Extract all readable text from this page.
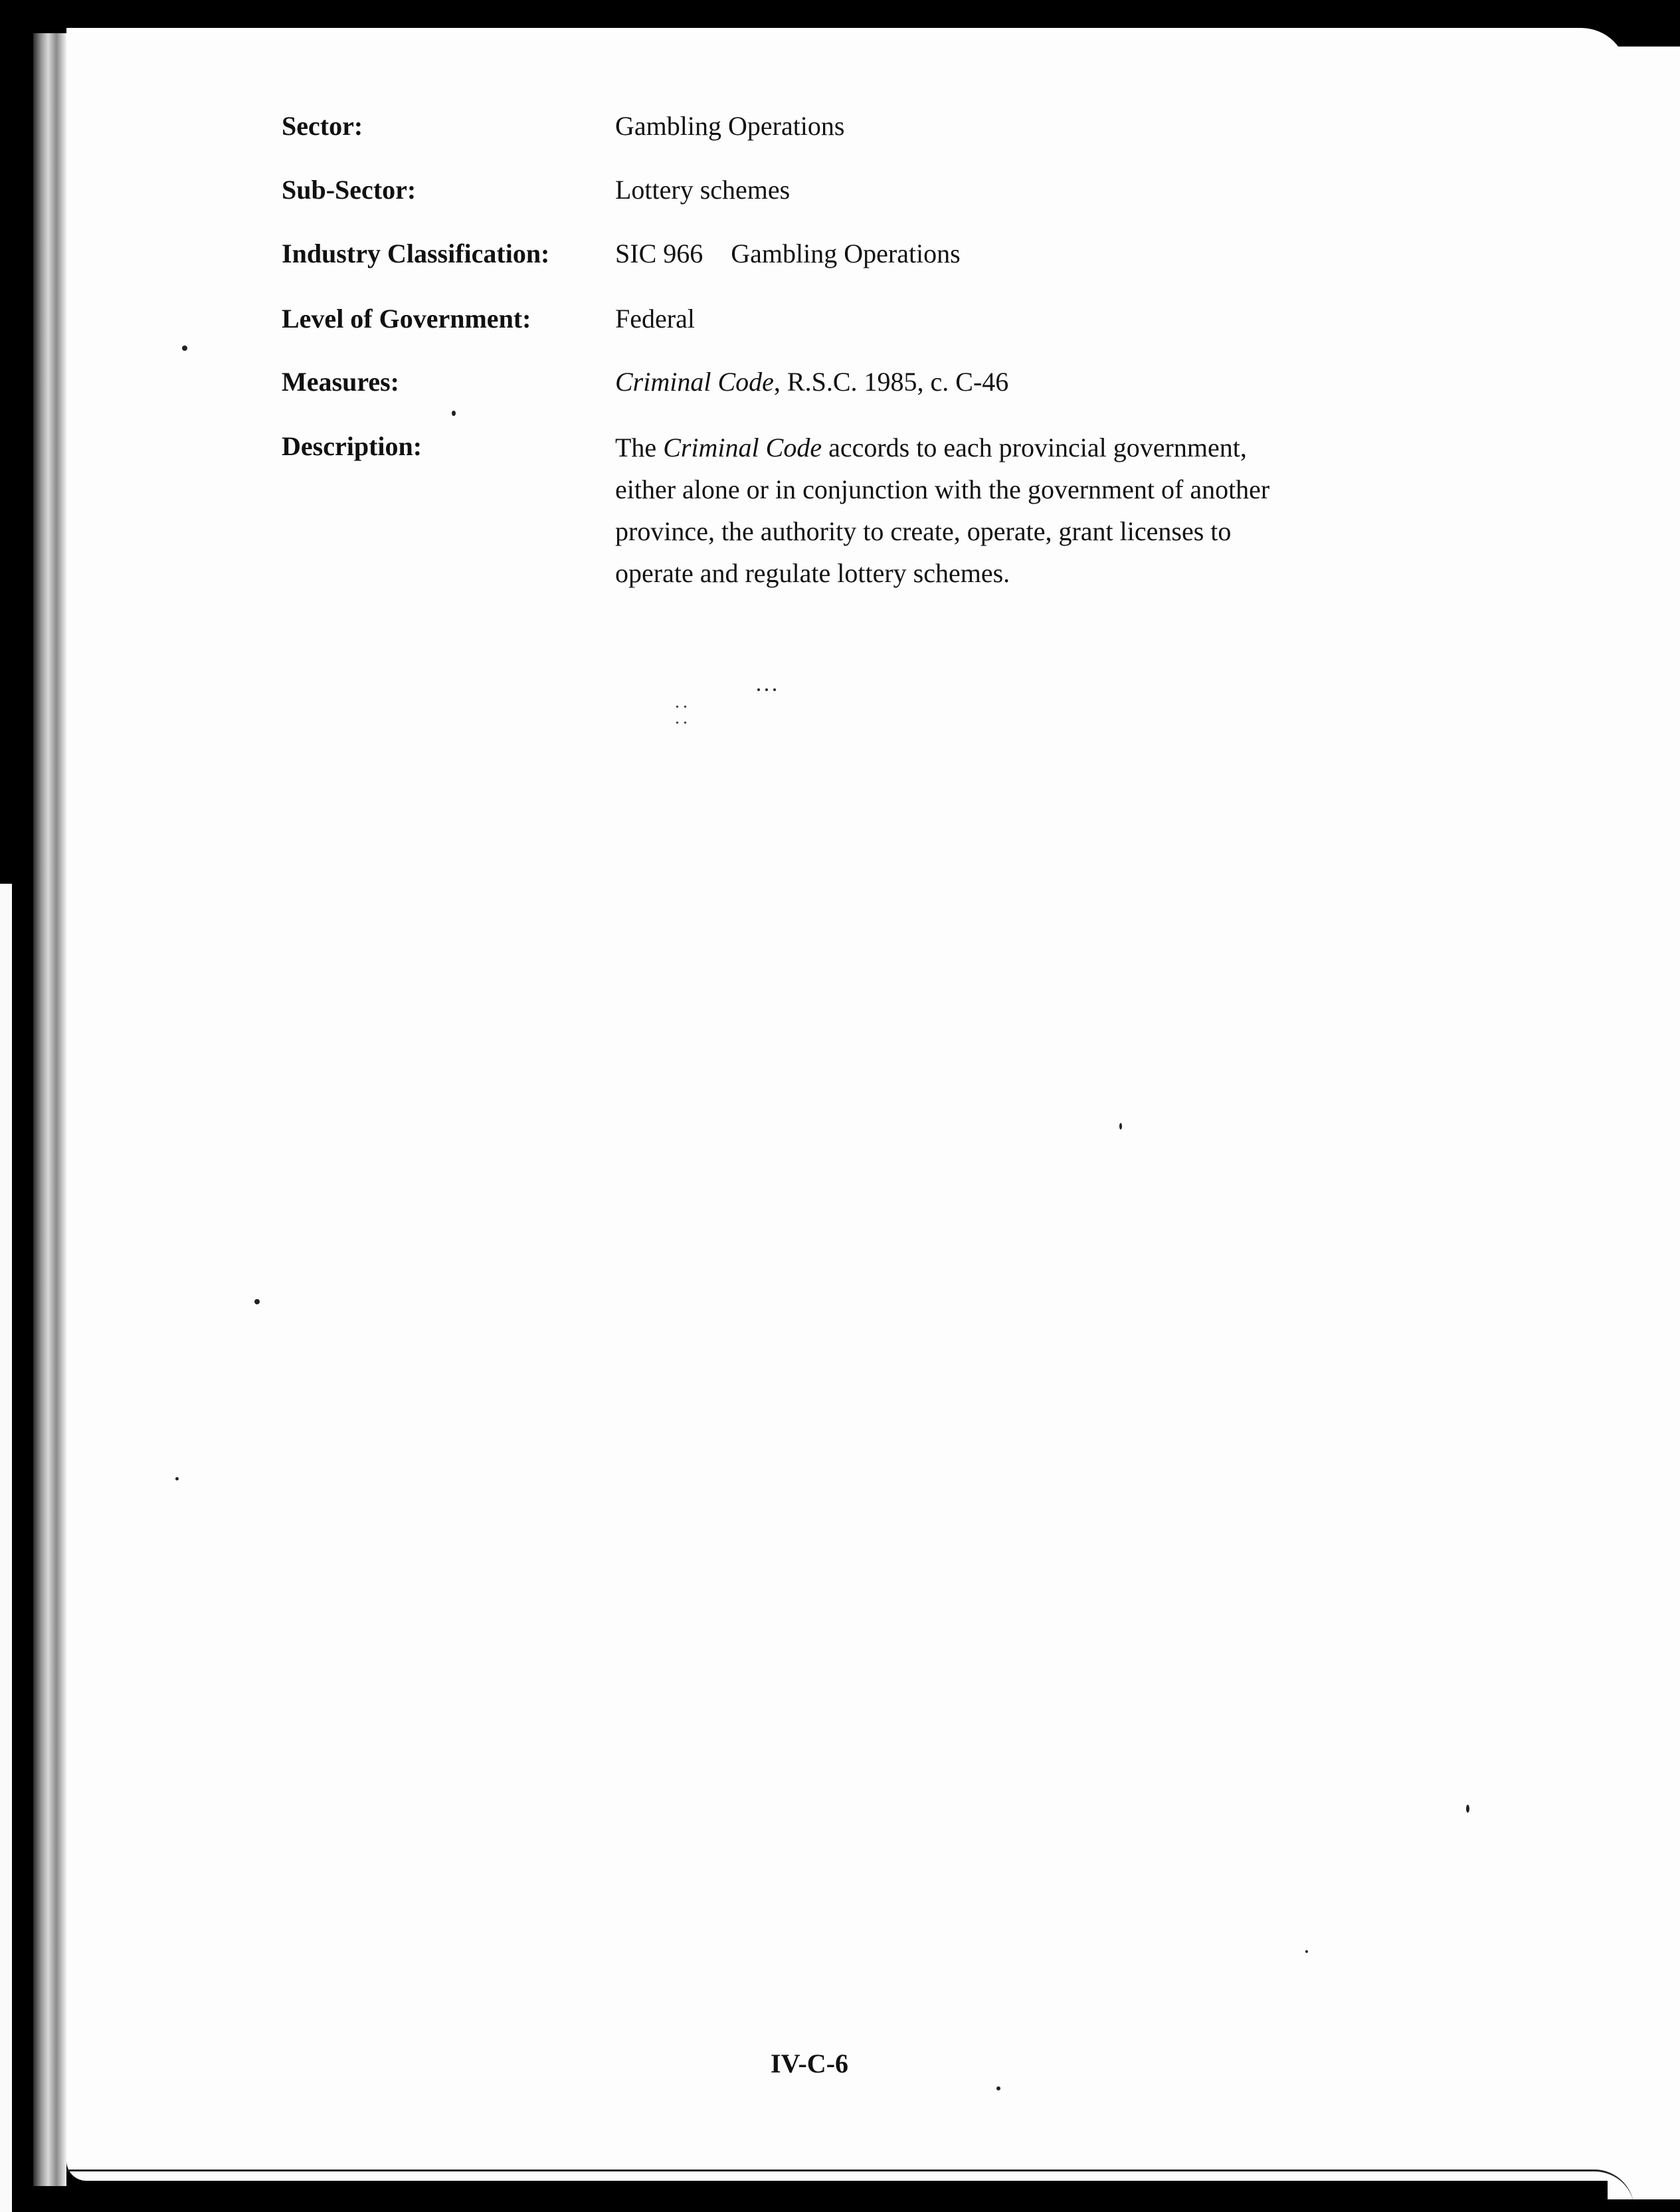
Sector:	Gambling Operations
Sub-Sector:	Lottery schemes
Industry Classification: SIC 966 Gambling Operations
Level of Government:	Federal
Measures:	Criminal Code, R.S.C. 1985, c. C-46
Description:	The Criminal Code accords to each provincial government, either alone or in conjunction with the government of another province, the authority to create, operate, grant licenses to operate and regulate lottery schemes.
IV-C-6
